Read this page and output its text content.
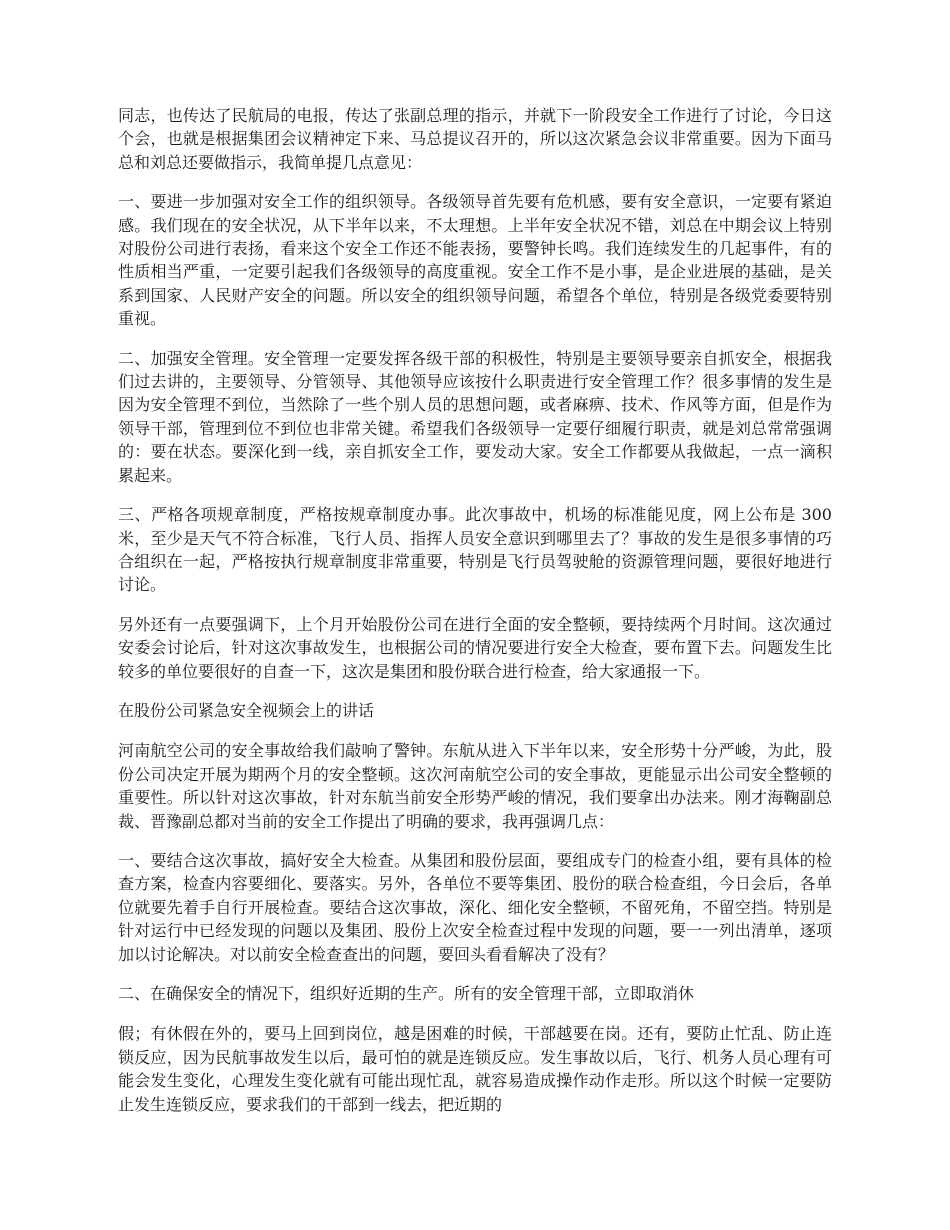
同志，也传达了民航局的电报，传达了张副总理的指示，并就下一阶段安全工作进行了讨论，今日这个会，也就是根据集团会议精神定下来、马总提议召开的，所以这次紧急会议非常重要。因为下面马总和刘总还要做指示，我简单提几点意见：

一、要进一步加强对安全工作的组织领导。各级领导首先要有危机感，要有安全意识，一定要有紧迫感。我们现在的安全状况，从下半年以来，不太理想。上半年安全状况不错，刘总在中期会议上特别对股份公司进行表扬，看来这个安全工作还不能表扬，要警钟长鸣。我们连续发生的几起事件，有的性质相当严重，一定要引起我们各级领导的高度重视。安全工作不是小事，是企业进展的基础，是关系到国家、人民财产安全的问题。所以安全的组织领导问题，希望各个单位，特别是各级党委要特别重视。

二、加强安全管理。安全管理一定要发挥各级干部的积极性，特别是主要领导要亲自抓安全，根据我们过去讲的，主要领导、分管领导、其他领导应该按什么职责进行安全管理工作？很多事情的发生是因为安全管理不到位，当然除了一些个别人员的思想问题，或者麻痹、技术、作风等方面，但是作为领导干部，管理到位不到位也非常关键。希望我们各级领导一定要仔细履行职责，就是刘总常常强调的：要在状态。要深化到一线，亲自抓安全工作，要发动大家。安全工作都要从我做起，一点一滴积累起来。

三、严格各项规章制度，严格按规章制度办事。此次事故中，机场的标准能见度，网上公布是 300 米，至少是天气不符合标准，飞行人员、指挥人员安全意识到哪里去了？事故的发生是很多事情的巧合组织在一起，严格按执行规章制度非常重要，特别是飞行员驾驶舱的资源管理问题，要很好地进行讨论。

另外还有一点要强调下，上个月开始股份公司在进行全面的安全整顿，要持续两个月时间。这次通过安委会讨论后，针对这次事故发生，也根据公司的情况要进行安全大检查，要布置下去。问题发生比较多的单位要很好的自查一下，这次是集团和股份联合进行检查，给大家通报一下。

在股份公司紧急安全视频会上的讲话

河南航空公司的安全事故给我们敲响了警钟。东航从进入下半年以来，安全形势十分严峻，为此，股份公司决定开展为期两个月的安全整顿。这次河南航空公司的安全事故，更能显示出公司安全整顿的重要性。所以针对这次事故，针对东航当前安全形势严峻的情况，我们要拿出办法来。刚才海鞠副总裁、晋豫副总都对当前的安全工作提出了明确的要求，我再强调几点：

一、要结合这次事故，搞好安全大检查。从集团和股份层面，要组成专门的检查小组，要有具体的检查方案，检查内容要细化、要落实。另外，各单位不要等集团、股份的联合检查组，今日会后，各单位就要先着手自行开展检查。要结合这次事故，深化、细化安全整顿，不留死角，不留空挡。特别是针对运行中已经发现的问题以及集团、股份上次安全检查过程中发现的问题，要一一列出清单，逐项加以讨论解决。对以前安全检查查出的问题，要回头看看解决了没有？

二、在确保安全的情况下，组织好近期的生产。所有的安全管理干部，立即取消休

假；有休假在外的，要马上回到岗位，越是困难的时候，干部越要在岗。还有，要防止忙乱、防止连锁反应，因为民航事故发生以后，最可怕的就是连锁反应。发生事故以后，飞行、机务人员心理有可能会发生变化，心理发生变化就有可能出现忙乱，就容易造成操作动作走形。所以这个时候一定要防止发生连锁反应，要求我们的干部到一线去，把近期的
